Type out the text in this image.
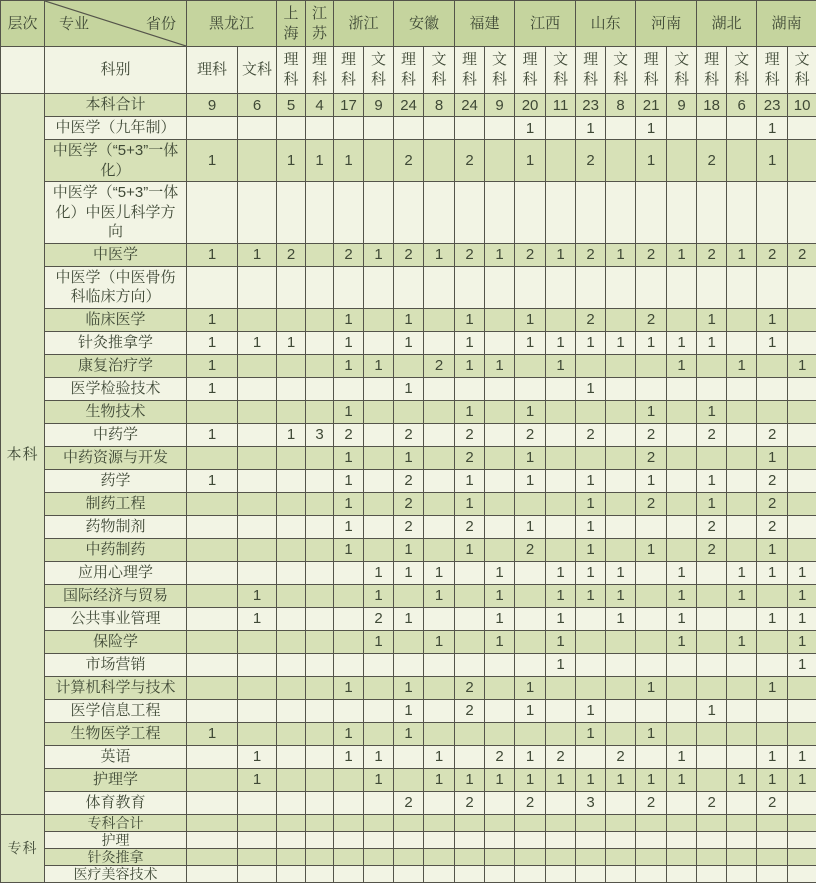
层次	专业 省份	黑龙江		上海	江苏	浙江		安徽		福建		江西		山东		河南		湖北		湖南	
	科别	理科	文科	理科	理科	理科	文科	理科	文科	理科	文科	理科	文科	理科	文科	理科	文科	理科	文科	理科	文科
本科	本科合计	9	6	5	4	17	9	24	8	24	9	20	11	23	8	21	9	18	6	23	10
	中医学（九年制）											1		1		1				1	
	中医学（“5+3”一体化）	1		1	1	1		2		2		1		2		1		2		1	
	中医学（“5+3”一体化）中医儿科学方向																				
	中医学	1	1	2		2	1	2	1	2	1	2	1	2	1	2	1	2	1	2	2
	中医学（中医骨伤科临床方向）																				
	临床医学	1				1		1		1		1		2		2		1		1	
	针灸推拿学	1	1	1		1		1		1		1	1	1	1	1	1	1		1	
	康复治疗学	1				1	1		2	1	1		1				1		1		1
	医学检验技术	1						1						1							
	生物技术					1				1		1				1		1			
	中药学	1		1	3	2		2		2		2		2		2		2		2	
	中药资源与开发					1		1		2		1				2				1	
	药学	1				1		2		1		1		1		1		1		2	
	制药工程					1		2		1				1		2		1		2	
	药物制剂					1		2		2		1		1				2		2	
	中药制药					1		1		1		2		1		1		2		1	
	应用心理学						1	1	1		1		1	1	1		1		1	1	1
	国际经济与贸易		1				1		1		1		1	1	1		1		1		1
	公共事业管理		1				2	1			1		1		1		1			1	1
	保险学						1		1		1		1				1		1		1
	市场营销												1								1
	计算机科学与技术					1		1		2		1				1				1	
	医学信息工程							1		2		1		1				1			
	生物医学工程	1				1		1						1		1					
	英语		1			1	1		1		2	1	2		2		1			1	1
	护理学		1				1		1	1	1	1	1	1	1	1	1		1	1	1
	体育教育							2		2		2		3		2		2		2	
专科	专科合计																				
	护理																				
	针灸推拿																				
	医疗美容技术																				
